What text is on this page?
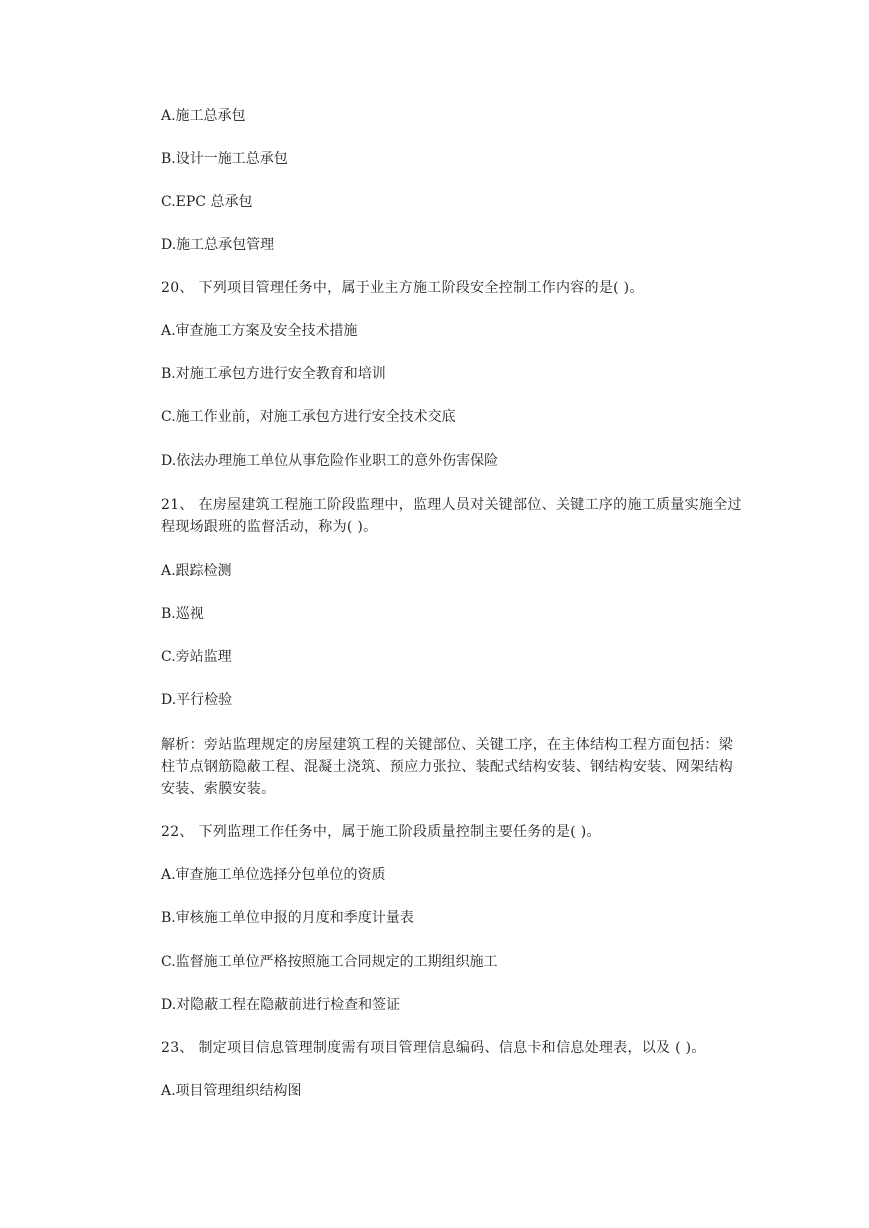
A.施工总承包
B.设计一施工总承包
C.EPC 总承包
D.施工总承包管理
20、 下列项目管理任务中，属于业主方施工阶段安全控制工作内容的是( )。
A.审查施工方案及安全技术措施
B.对施工承包方进行安全教育和培训
C.施工作业前，对施工承包方进行安全技术交底
D.依法办理施工单位从事危险作业职工的意外伤害保险
21、 在房屋建筑工程施工阶段监理中，监理人员对关键部位、关键工序的施工质量实施全过程现场跟班的监督活动，称为( )。
A.跟踪检测
B.巡视
C.旁站监理
D.平行检验
解析：旁站监理规定的房屋建筑工程的关键部位、关键工序，在主体结构工程方面包括：梁柱节点钢筋隐蔽工程、混凝土浇筑、预应力张拉、装配式结构安装、钢结构安装、网架结构安装、索膜安装。
22、 下列监理工作任务中，属于施工阶段质量控制主要任务的是( )。
A.审查施工单位选择分包单位的资质
B.审核施工单位申报的月度和季度计量表
C.监督施工单位严格按照施工合同规定的工期组织施工
D.对隐蔽工程在隐蔽前进行检查和签证
23、 制定项目信息管理制度需有项目管理信息编码、信息卡和信息处理表，以及 ( )。
A.项目管理组织结构图
